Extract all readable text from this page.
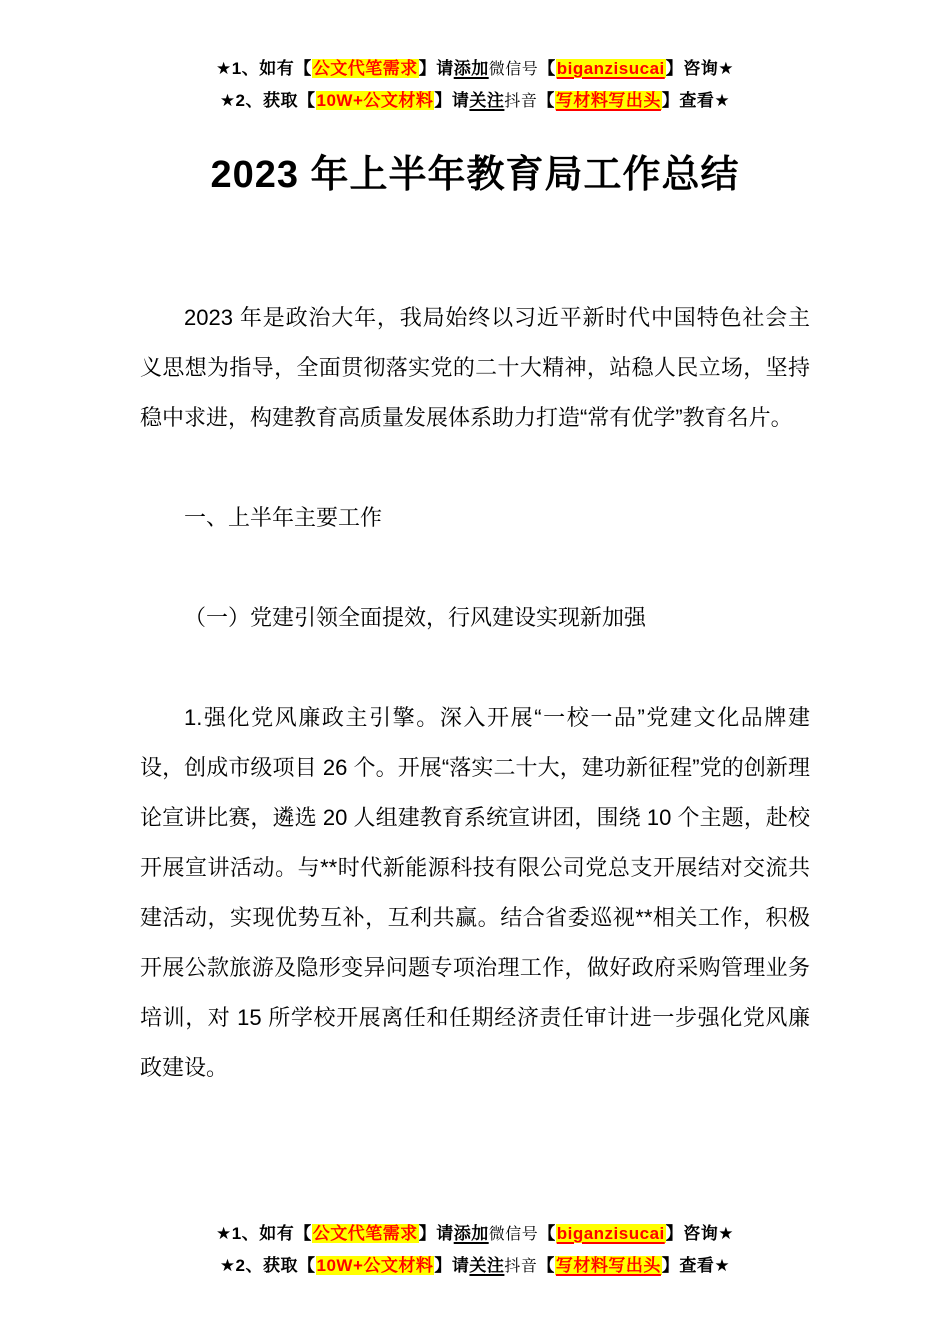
★1、如有【公文代笔需求】请添加微信号【biganzisucai】咨询★
★2、获取【10W+公文材料】请关注抖音【写材料写出头】查看★
2023 年上半年教育局工作总结

2023 年是政治大年，我局始终以习近平新时代中国特色社会主义思想为指导，全面贯彻落实党的二十大精神，站稳人民立场，坚持稳中求进，构建教育高质量发展体系助力打造“常有优学”教育名片。

一、上半年主要工作

（一）党建引领全面提效，行风建设实现新加强

1.强化党风廉政主引擎。深入开展“一校一品”党建文化品牌建设，创成市级项目 26 个。开展“落实二十大，建功新征程”党的创新理论宣讲比赛，遴选 20 人组建教育系统宣讲团，围绕 10 个主题，赴校开展宣讲活动。与**时代新能源科技有限公司党总支开展结对交流共建活动，实现优势互补，互利共赢。结合省委巡视**相关工作，积极开展公款旅游及隐形变异问题专项治理工作，做好政府采购管理业务培训，对 15 所学校开展离任和任期经济责任审计进一步强化党风廉政建设。

★1、如有【公文代笔需求】请添加微信号【biganzisucai】咨询★
★2、获取【10W+公文材料】请关注抖音【写材料写出头】查看★
